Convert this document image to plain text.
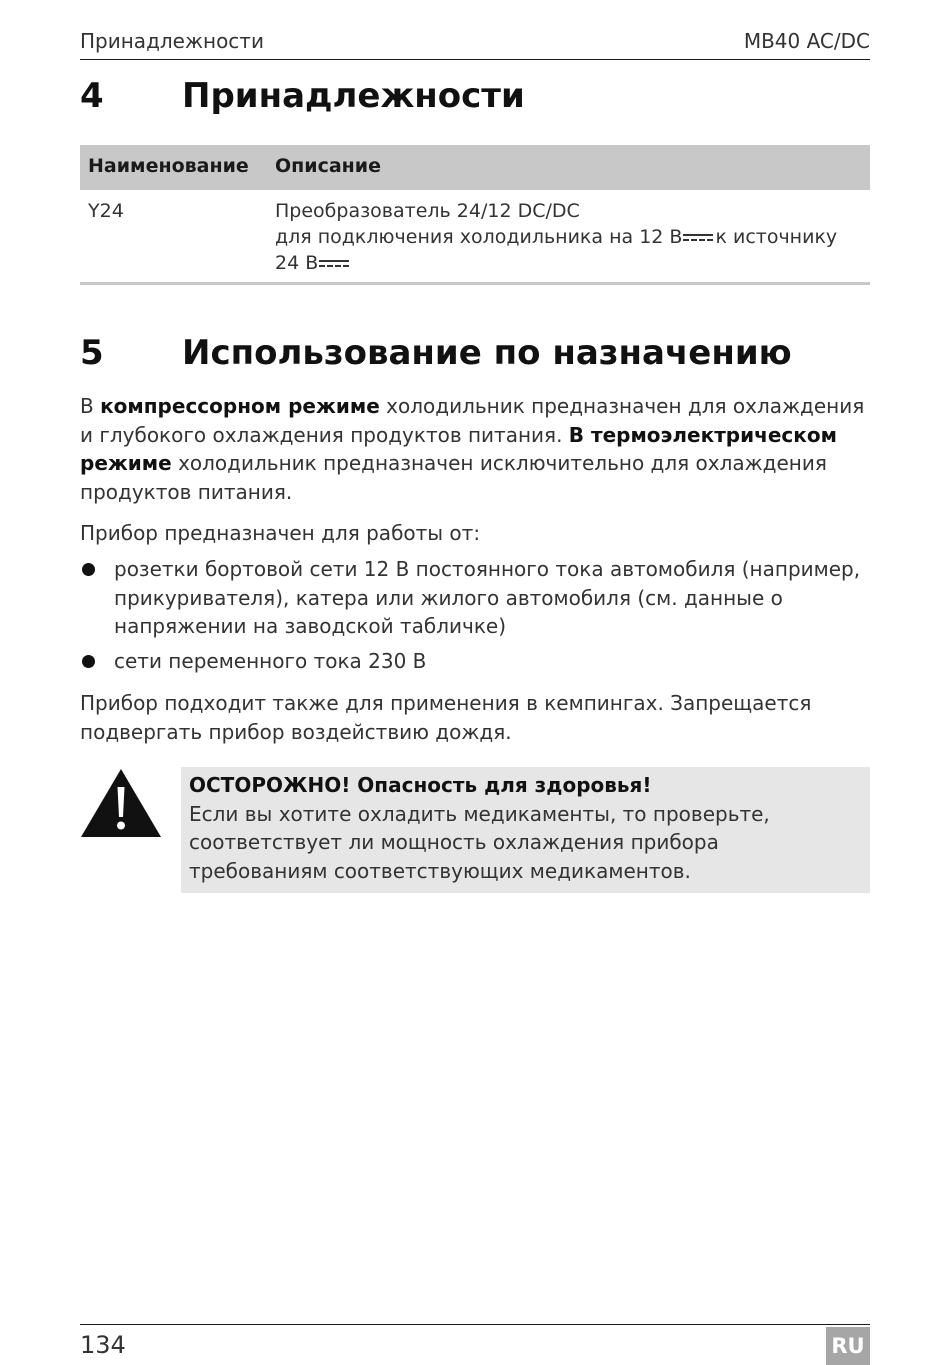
Принадлежности	MB40 AC/DC
4 Принадлежности
Наименование Описание
Y24	Преобразователь 24/12 DC/DC
для подключения холодильника на 12 В к источнику
24 В
5 Использование по назначению
В компрессорном режиме холодильник предназначен для охлаждения и глубокого охлаждения продуктов питания. В термоэлектрическом режиме холодильник предназначен исключительно для охлаждения продуктов питания.
Прибор предназначен для работы от:
розетки бортовой сети 12 В постоянного тока автомобиля (например, прикуривателя), катера или жилого автомобиля (см. данные о напряжении на заводской табличке)
сети переменного тока 230 В
Прибор подходит также для применения в кемпингах. Запрещается подвергать прибор воздействию дождя.
ОСТОРОЖНО! Опасность для здоровья!
Если вы хотите охладить медикаменты, то проверьте, соответствует ли мощность охлаждения прибора требованиям соответствующих медикаментов.
134	RU
